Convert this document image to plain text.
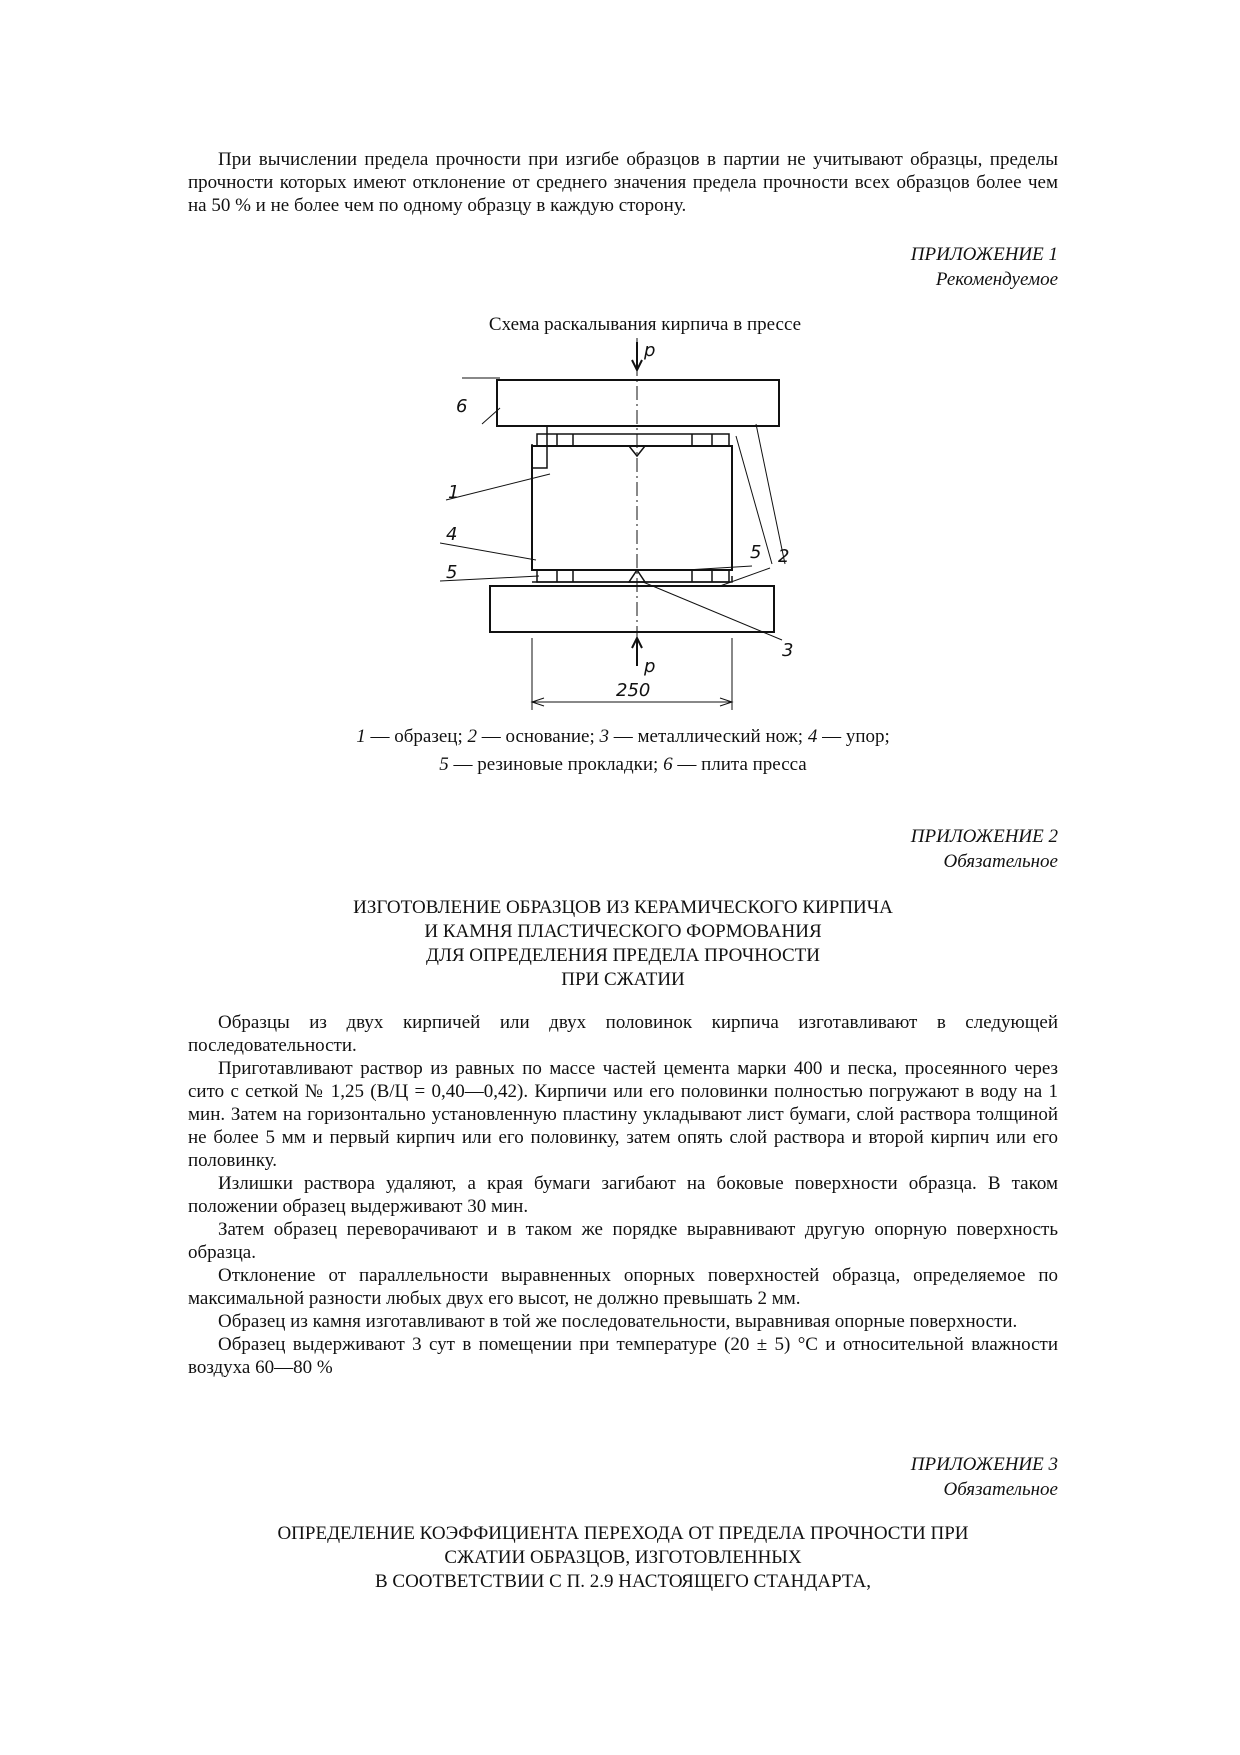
При вычислении предела прочности при изгибе образцов в партии не учитывают образцы, пределы прочности которых имеют отклонение от среднего значения предела прочности всех образцов более чем на 50 % и не более чем по одному образцу в каждую сторону.

ПРИЛОЖЕНИЕ 1
Рекомендуемое
Схема раскалывания кирпича в прессе
p
6
1
4
5
5 2
3
p
250
1 — образец; 2 — основание; 3 — металлический нож; 4 — упор;
5 — резиновые прокладки; 6 — плита пресса
ПРИЛОЖЕНИЕ 2
Обязательное
ИЗГОТОВЛЕНИЕ ОБРАЗЦОВ ИЗ КЕРАМИЧЕСКОГО КИРПИЧА
И КАМНЯ ПЛАСТИЧЕСКОГО ФОРМОВАНИЯ
ДЛЯ ОПРЕДЕЛЕНИЯ ПРЕДЕЛА ПРОЧНОСТИ
ПРИ СЖАТИИ

Образцы из двух кирпичей или двух половинок кирпича изготавливают в следующей последовательности.

Приготавливают раствор из равных по массе частей цемента марки 400 и песка, просеянного через сито с сеткой № 1,25 (В/Ц = 0,40—0,42). Кирпичи или его половинки полностью погружают в воду на 1 мин. Затем на горизонтально установленную пластину укладывают лист бумаги, слой раствора толщиной не более 5 мм и первый кирпич или его половинку, затем опять слой раствора и второй кирпич или его половинку.

Излишки раствора удаляют, а края бумаги загибают на боковые поверхности образца. В таком положении образец выдерживают 30 мин.

Затем образец переворачивают и в таком же порядке выравнивают другую опорную поверхность образца.

Отклонение от параллельности выравненных опорных поверхностей образца, определяемое по максимальной разности любых двух его высот, не должно превышать 2 мм.

Образец из камня изготавливают в той же последовательности, выравнивая опорные поверхности.

Образец выдерживают 3 сут в помещении при температуре (20 ± 5) °С и относительной влажности воздуха 60—80 %

ПРИЛОЖЕНИЕ 3
Обязательное
ОПРЕДЕЛЕНИЕ КОЭФФИЦИЕНТА ПЕРЕХОДА ОТ ПРЕДЕЛА ПРОЧНОСТИ ПРИ
СЖАТИИ ОБРАЗЦОВ, ИЗГОТОВЛЕННЫХ
В СООТВЕТСТВИИ С П. 2.9 НАСТОЯЩЕГО СТАНДАРТА,
